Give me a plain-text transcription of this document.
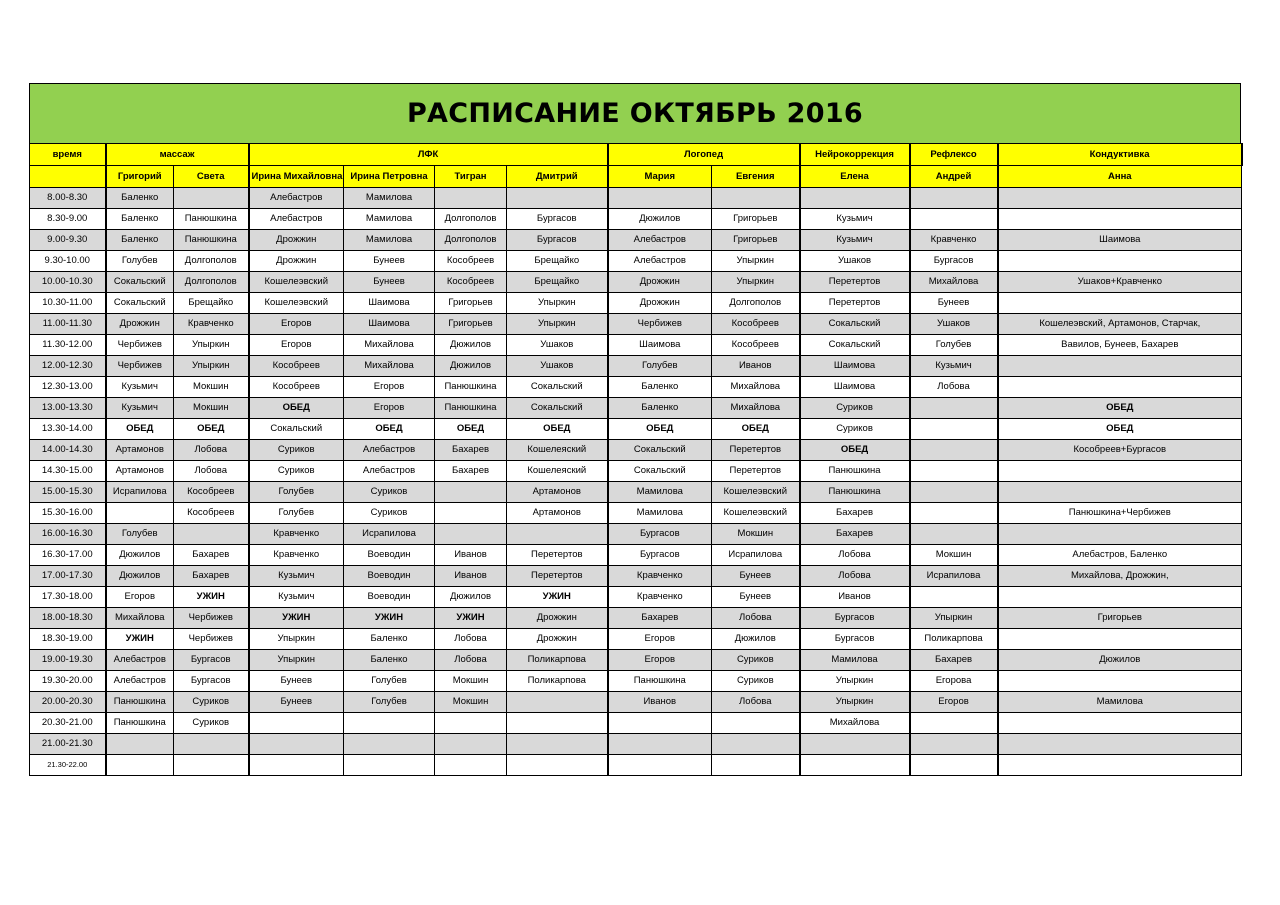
РАСПИСАНИЕ ОКТЯБРЬ 2016
время	массаж		ЛФК				Логопед		Нейрокоррекция	Рефлексо	Кондуктивка
	Григорий	Света	Ирина Михайловна	Ирина Петровна	Тигран	Дмитрий	Мария	Евгения	Елена	Андрей	Анна
8.00-8.30	Баленко		Алебастров	Мамилова							
8.30-9.00	Баленко	Панюшкина	Алебастров	Мамилова	Долгополов	Бургасов	Дюжилов	Григорьев	Кузьмич		
9.00-9.30	Баленко	Панюшкина	Дрожжин	Мамилова	Долгополов	Бургасов	Алебастров	Григорьев	Кузьмич	Кравченко	Шаимова
9.30-10.00	Голубев	Долгополов	Дрожжин	Бунеев	Кособреев	Брещайко	Алебастров	Упыркин	Ушаков	Бургасов	
10.00-10.30	Сокальский	Долгополов	Кошелеэвский	Бунеев	Кособреев	Брещайко	Дрожжин	Упыркин	Перетертов	Михайлова	Ушаков+Кравченко
10.30-11.00	Сокальский	Брещайко	Кошелеэвский	Шаимова	Григорьев	Упыркин	Дрожжин	Долгополов	Перетертов	Бунеев	
11.00-11.30	Дрожжин	Кравченко	Егоров	Шаимова	Григорьев	Упыркин	Чербижев	Кособреев	Сокальский	Ушаков	Кошелеэвский, Артамонов, Старчак,
11.30-12.00	Чербижев	Упыркин	Егоров	Михайлова	Дюжилов	Ушаков	Шаимова	Кособреев	Сокальский	Голубев	Вавилов, Бунеев, Бахарев
12.00-12.30	Чербижев	Упыркин	Кособреев	Михайлова	Дюжилов	Ушаков	Голубев	Иванов	Шаимова	Кузьмич	
12.30-13.00	Кузьмич	Мокшин	Кособреев	Егоров	Панюшкина	Сокальский	Баленко	Михайлова	Шаимова	Лобова	
13.00-13.30	Кузьмич	Мокшин	ОБЕД	Егоров	Панюшкина	Сокальский	Баленко	Михайлова	Суриков		ОБЕД
13.30-14.00	ОБЕД	ОБЕД	Сокальский	ОБЕД	ОБЕД	ОБЕД	ОБЕД	ОБЕД	Суриков		ОБЕД
14.00-14.30	Артамонов	Лобова	Суриков	Алебастров	Бахарев	Кошелеяский	Сокальский	Перетертов	ОБЕД		Кособреев+Бургасов
14.30-15.00	Артамонов	Лобова	Суриков	Алебастров	Бахарев	Кошелеяский	Сокальский	Перетертов	Панюшкина		
15.00-15.30	Исрапилова	Кособреев	Голубев	Суриков		Артамонов	Мамилова	Кошелеэвский	Панюшкина		
15.30-16.00		Кособреев	Голубев	Суриков		Артамонов	Мамилова	Кошелеэвский	Бахарев		Панюшкина+Чербижев
16.00-16.30	Голубев		Кравченко	Исрапилова			Бургасов	Мокшин	Бахарев		
16.30-17.00	Дюжилов	Бахарев	Кравченко	Воеводин	Иванов	Перетертов	Бургасов	Исрапилова	Лобова	Мокшин	Алебастров, Баленко
17.00-17.30	Дюжилов	Бахарев	Кузьмич	Воеводин	Иванов	Перетертов	Кравченко	Бунеев	Лобова	Исрапилова	Михайлова, Дрожжин,
17.30-18.00	Егоров	УЖИН	Кузьмич	Воеводин	Дюжилов	УЖИН	Кравченко	Бунеев	Иванов		
18.00-18.30	Михайлова	Чербижев	УЖИН	УЖИН	УЖИН	Дрожжин	Бахарев	Лобова	Бургасов	Упыркин	Григорьев
18.30-19.00	УЖИН	Чербижев	Упыркин	Баленко	Лобова	Дрожжин	Егоров	Дюжилов	Бургасов	Поликарпова	
19.00-19.30	Алебастров	Бургасов	Упыркин	Баленко	Лобова	Поликарпова	Егоров	Суриков	Мамилова	Бахарев	Дюжилов
19.30-20.00	Алебастров	Бургасов	Бунеев	Голубев	Мокшин	Поликарпова	Панюшкина	Суриков	Упыркин	Егорова	
20.00-20.30	Панюшкина	Суриков	Бунеев	Голубев	Мокшин		Иванов	Лобова	Упыркин	Егоров	Мамилова
20.30-21.00	Панюшкина	Суриков							Михайлова		
21.00-21.30											
21.30-22.00											
